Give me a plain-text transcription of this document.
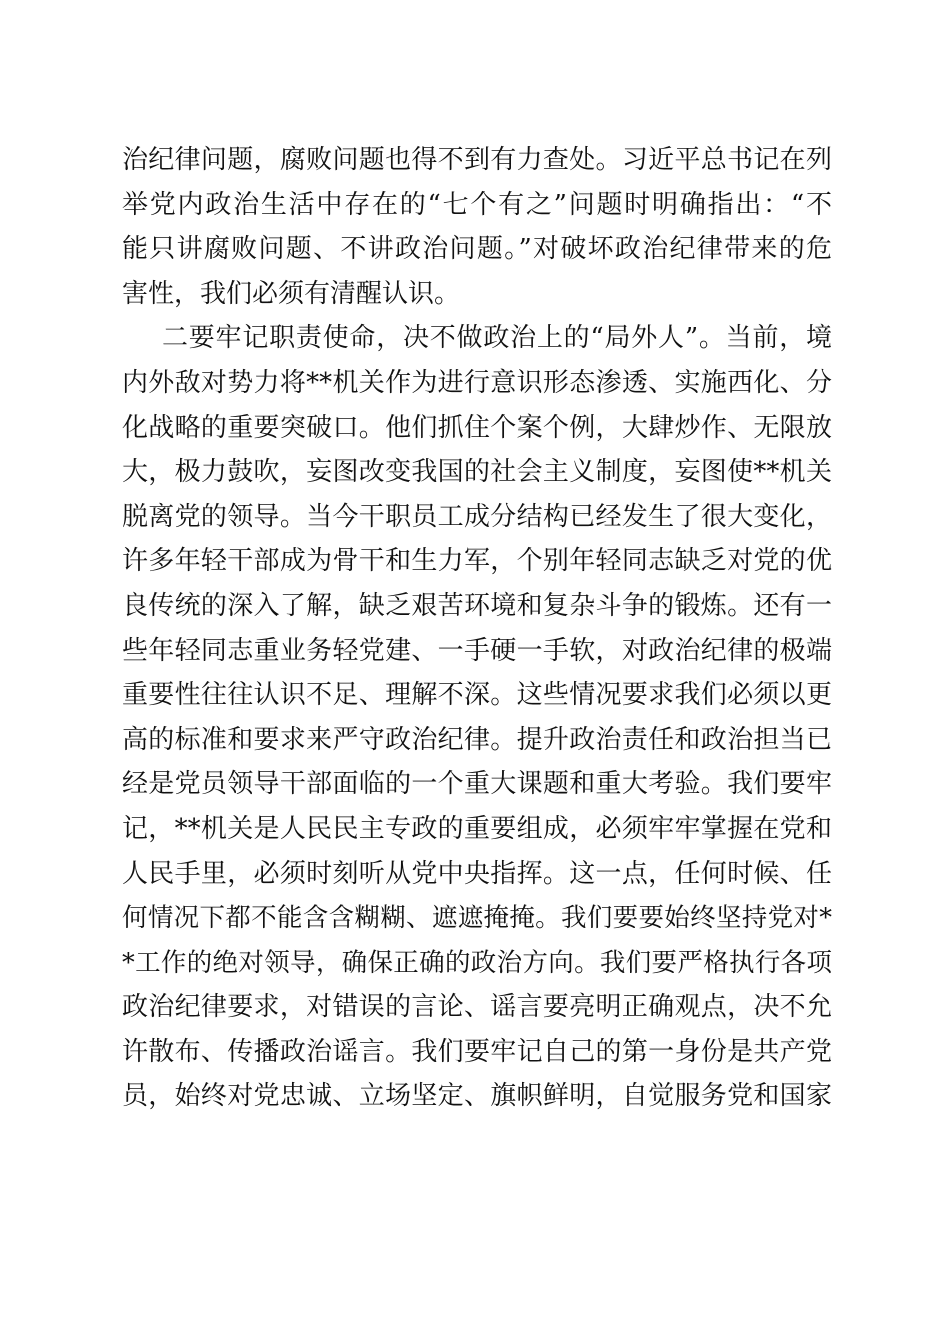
治纪律问题，腐败问题也得不到有力查处。习近平总书记在列
举党内政治生活中存在的“七个有之”问题时明确指出：“不
能只讲腐败问题、不讲政治问题。”对破坏政治纪律带来的危
害性，我们必须有清醒认识。
二要牢记职责使命，决不做政治上的“局外人”。当前，境
内外敌对势力将**机关作为进行意识形态渗透、实施西化、分
化战略的重要突破口。他们抓住个案个例，大肆炒作、无限放
大，极力鼓吹，妄图改变我国的社会主义制度，妄图使**机关
脱离党的领导。当今干职员工成分结构已经发生了很大变化，
许多年轻干部成为骨干和生力军，个别年轻同志缺乏对党的优
良传统的深入了解，缺乏艰苦环境和复杂斗争的锻炼。还有一
些年轻同志重业务轻党建、一手硬一手软，对政治纪律的极端
重要性往往认识不足、理解不深。这些情况要求我们必须以更
高的标准和要求来严守政治纪律。提升政治责任和政治担当已
经是党员领导干部面临的一个重大课题和重大考验。我们要牢
记，**机关是人民民主专政的重要组成，必须牢牢掌握在党和
人民手里，必须时刻听从党中央指挥。这一点，任何时候、任
何情况下都不能含含糊糊、遮遮掩掩。我们要要始终坚持党对*
*工作的绝对领导，确保正确的政治方向。我们要严格执行各项
政治纪律要求，对错误的言论、谣言要亮明正确观点，决不允
许散布、传播政治谣言。我们要牢记自己的第一身份是共产党
员，始终对党忠诚、立场坚定、旗帜鲜明，自觉服务党和国家
